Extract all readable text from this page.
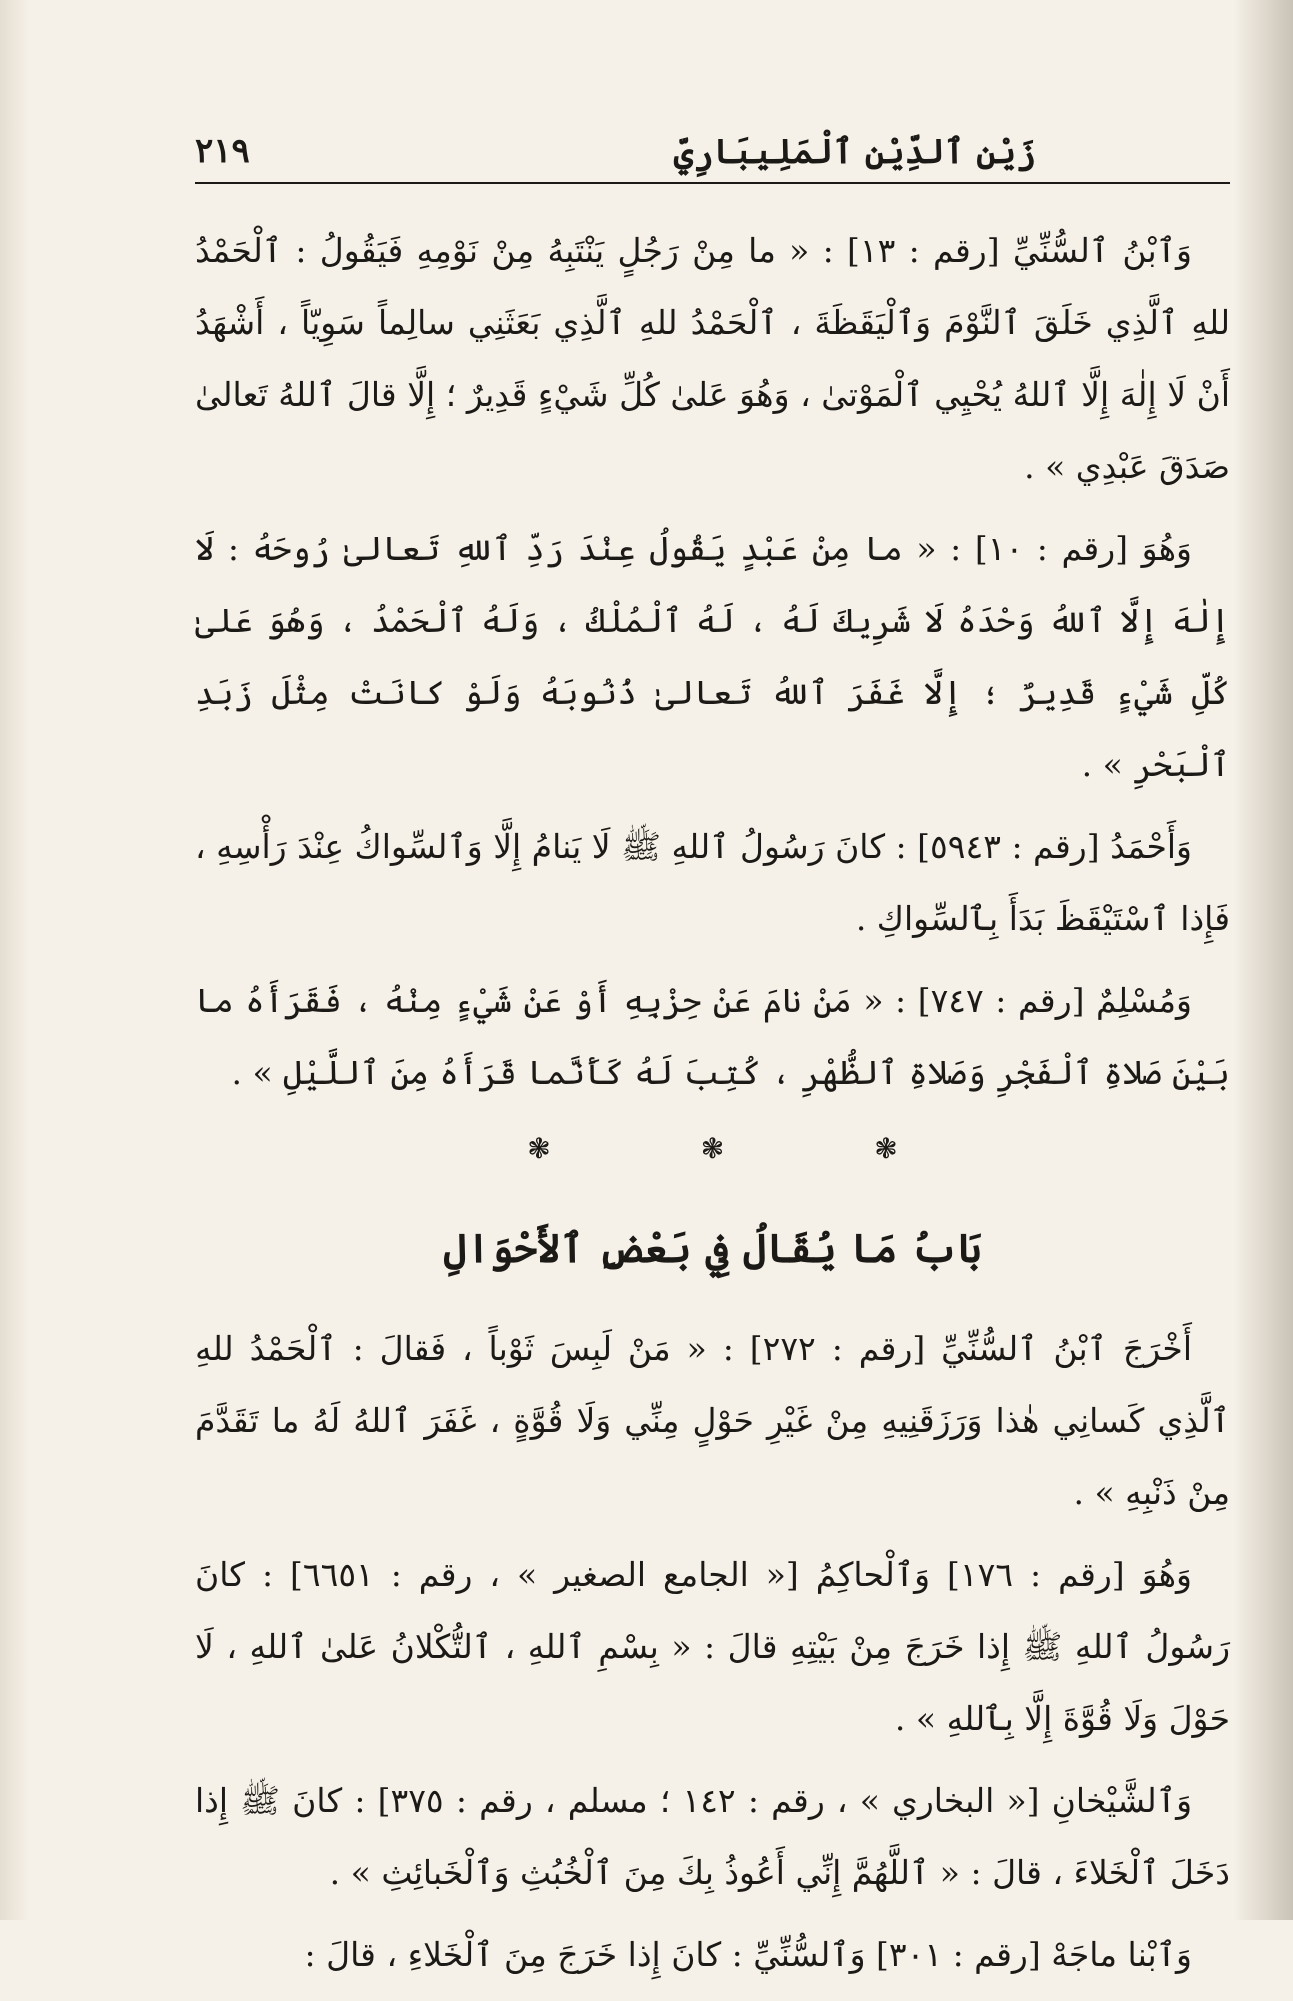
زَيْن ٱلدِّيْن ٱلْمَلِيبَارِيّ
٢١٩

وَٱبْنُ ٱلسُّنِّيِّ [رقم : ١٣] : « ما مِنْ رَجُلٍ يَنْتَبِهُ مِنْ نَوْمِهِ فَيَقُولُ : ٱلْحَمْدُ للهِ ٱلَّذِي خَلَقَ ٱلنَّوْمَ وَٱلْيَقَظَةَ ، ٱلْحَمْدُ للهِ ٱلَّذِي بَعَثَنِي سالِماً سَوِيّاً ، أَشْهَدُ أَنْ لَا إِلٰهَ إِلَّا ٱللهُ يُحْيِي ٱلْمَوْتىٰ ، وَهُوَ عَلىٰ كُلِّ شَيْءٍ قَدِيرٌ ؛ إِلَّا قالَ ٱللهُ تَعالىٰ صَدَقَ عَبْدِي » .

وَهُوَ [رقم : ١٠] : « ما مِنْ عَبْدٍ يَقُولُ عِنْدَ رَدِّ ٱللهِ تَعالىٰ رُوحَهُ : لَا إِلٰهَ إِلَّا ٱللهُ وَحْدَهُ لَا شَرِيكَ لَهُ ، لَهُ ٱلْمُلْكُ ، وَلَهُ ٱلْحَمْدُ ، وَهُوَ عَلىٰ كُلِّ شَيْءٍ قَدِيرٌ ؛ إِلَّا غَفَرَ ٱللهُ تَعالىٰ ذُنُوبَهُ وَلَوْ كانَتْ مِثْلَ زَبَدِ ٱلْبَحْرِ » .

وَأَحْمَدُ [رقم : ٥٩٤٣] : كانَ رَسُولُ ٱللهِ ﷺ لَا يَنامُ إِلَّا وَٱلسِّواكُ عِنْدَ رَأْسِهِ ، فَإِذا ٱسْتَيْقَظَ بَدَأَ بِٱلسِّواكِ .

وَمُسْلِمٌ [رقم : ٧٤٧] : « مَنْ نامَ عَنْ حِزْبِهِ أَوْ عَنْ شَيْءٍ مِنْهُ ، فَقَرَأَهُ ما بَيْنَ صَلاةِ ٱلْفَجْرِ وَصَلاةِ ٱلظُّهْرِ ، كُتِبَ لَهُ كَأَنَّما قَرَأَهُ مِنَ ٱللَّيْلِ » .

❃
❃
❃
بَابُ مَا يُقَالُ فِي بَعْضِ ٱلأَحْوَالِ

أَخْرَجَ ٱبْنُ ٱلسُّنِّيِّ [رقم : ٢٧٢] : « مَنْ لَبِسَ ثَوْباً ، فَقالَ : ٱلْحَمْدُ للهِ ٱلَّذِي كَسانِي هٰذا وَرَزَقَنِيهِ مِنْ غَيْرِ حَوْلٍ مِنِّي وَلَا قُوَّةٍ ، غَفَرَ ٱللهُ لَهُ ما تَقَدَّمَ مِنْ ذَنْبِهِ » .

وَهُوَ [رقم : ١٧٦] وَٱلْحاكِمُ [« الجامع الصغير » ، رقم : ٦٦٥١] : كانَ رَسُولُ ٱللهِ ﷺ إِذا خَرَجَ مِنْ بَيْتِهِ قالَ : « بِسْمِ ٱللهِ ، ٱلتُّكْلانُ عَلىٰ ٱللهِ ، لَا حَوْلَ وَلَا قُوَّةَ إِلَّا بِٱللهِ » .

وَٱلشَّيْخانِ [« البخاري » ، رقم : ١٤٢ ؛ مسلم ، رقم : ٣٧٥] : كانَ ﷺ إِذا دَخَلَ ٱلْخَلاءَ ، قالَ : « ٱللَّهُمَّ إِنِّي أَعُوذُ بِكَ مِنَ ٱلْخُبُثِ وَٱلْخَبائِثِ » .

وَٱبْنا ماجَهْ [رقم : ٣٠١] وَٱلسُّنِّيِّ : كانَ إِذا خَرَجَ مِنَ ٱلْخَلاءِ ، قالَ :
